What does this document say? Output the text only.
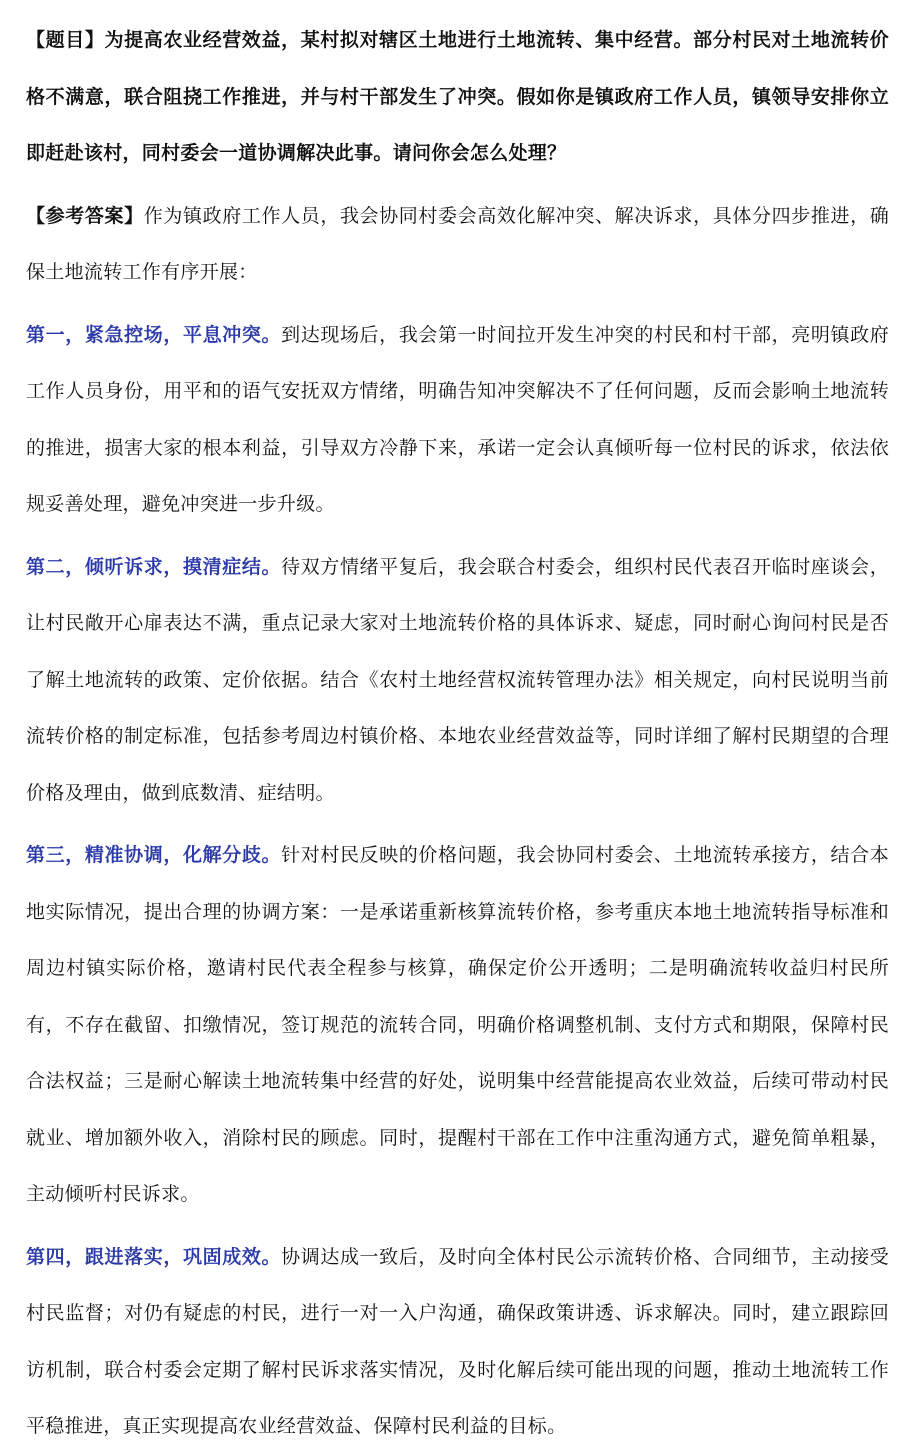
【题目】为提高农业经营效益，某村拟对辖区土地进行土地流转、集中经营。部分村民对土地流转价格不满意，联合阻挠工作推进，并与村干部发生了冲突。假如你是镇政府工作人员，镇领导安排你立即赶赴该村，同村委会一道协调解决此事。请问你会怎么处理？

【参考答案】作为镇政府工作人员，我会协同村委会高效化解冲突、解决诉求，具体分四步推进，确保土地流转工作有序开展：

第一，紧急控场，平息冲突。到达现场后，我会第一时间拉开发生冲突的村民和村干部，亮明镇政府工作人员身份，用平和的语气安抚双方情绪，明确告知冲突解决不了任何问题，反而会影响土地流转的推进，损害大家的根本利益，引导双方冷静下来，承诺一定会认真倾听每一位村民的诉求，依法依规妥善处理，避免冲突进一步升级。

第二，倾听诉求，摸清症结。待双方情绪平复后，我会联合村委会，组织村民代表召开临时座谈会，让村民敞开心扉表达不满，重点记录大家对土地流转价格的具体诉求、疑虑，同时耐心询问村民是否了解土地流转的政策、定价依据。结合《农村土地经营权流转管理办法》相关规定，向村民说明当前流转价格的制定标准，包括参考周边村镇价格、本地农业经营效益等，同时详细了解村民期望的合理价格及理由，做到底数清、症结明。

第三，精准协调，化解分歧。针对村民反映的价格问题，我会协同村委会、土地流转承接方，结合本地实际情况，提出合理的协调方案：一是承诺重新核算流转价格，参考重庆本地土地流转指导标准和周边村镇实际价格，邀请村民代表全程参与核算，确保定价公开透明；二是明确流转收益归村民所有，不存在截留、扣缴情况，签订规范的流转合同，明确价格调整机制、支付方式和期限，保障村民合法权益；三是耐心解读土地流转集中经营的好处，说明集中经营能提高农业效益，后续可带动村民就业、增加额外收入，消除村民的顾虑。同时，提醒村干部在工作中注重沟通方式，避免简单粗暴，主动倾听村民诉求。

第四，跟进落实，巩固成效。协调达成一致后，及时向全体村民公示流转价格、合同细节，主动接受村民监督；对仍有疑虑的村民，进行一对一入户沟通，确保政策讲透、诉求解决。同时，建立跟踪回访机制，联合村委会定期了解村民诉求落实情况，及时化解后续可能出现的问题，推动土地流转工作平稳推进，真正实现提高农业经营效益、保障村民利益的目标。
